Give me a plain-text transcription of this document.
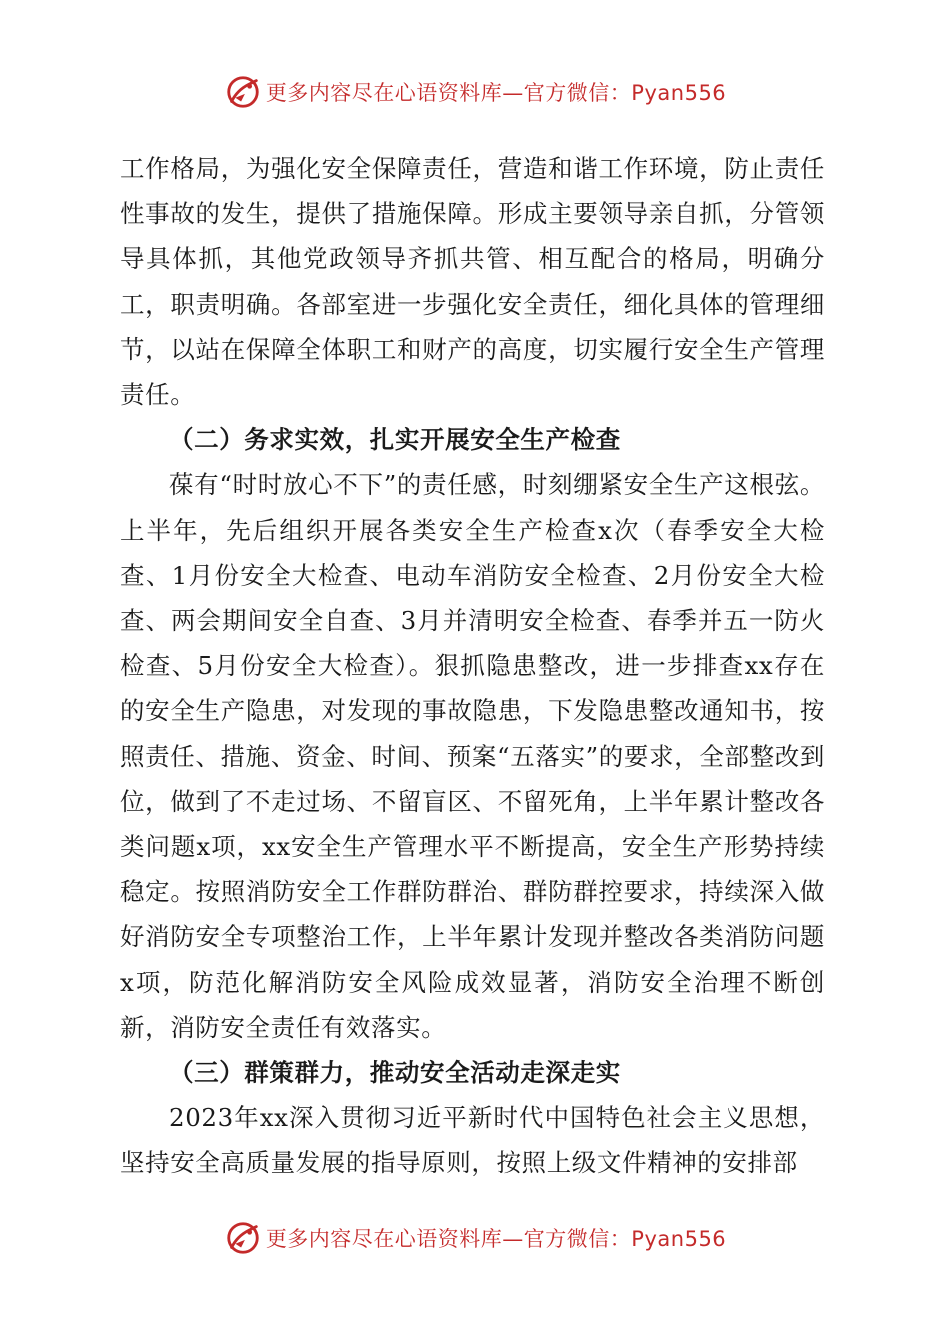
更多内容尽在心语资料库—官方微信：Pyan556

工作格局，为强化安全保障责任，营造和谐工作环境，防止责任性事故的发生，提供了措施保障。形成主要领导亲自抓，分管领导具体抓，其他党政领导齐抓共管、相互配合的格局，明确分工，职责明确。各部室进一步强化安全责任，细化具体的管理细节，以站在保障全体职工和财产的高度，切实履行安全生产管理责任。

（二）务求实效，扎实开展安全生产检查

葆有“时时放心不下”的责任感，时刻绷紧安全生产这根弦。上半年，先后组织开展各类安全生产检查x次（春季安全大检查、1月份安全大检查、电动车消防安全检查、2月份安全大检查、两会期间安全自查、3月并清明安全检查、春季并五一防火检查、5月份安全大检查）。狠抓隐患整改，进一步排查xx存在的安全生产隐患，对发现的事故隐患，下发隐患整改通知书，按照责任、措施、资金、时间、预案“五落实”的要求，全部整改到位，做到了不走过场、不留盲区、不留死角，上半年累计整改各类问题x项，xx安全生产管理水平不断提高，安全生产形势持续稳定。按照消防安全工作群防群治、群防群控要求，持续深入做好消防安全专项整治工作，上半年累计发现并整改各类消防问题x项，防范化解消防安全风险成效显著，消防安全治理不断创新，消防安全责任有效落实。

（三）群策群力，推动安全活动走深走实

2023年xx深入贯彻习近平新时代中国特色社会主义思想，坚持安全高质量发展的指导原则，按照上级文件精神的安排部

更多内容尽在心语资料库—官方微信：Pyan556
